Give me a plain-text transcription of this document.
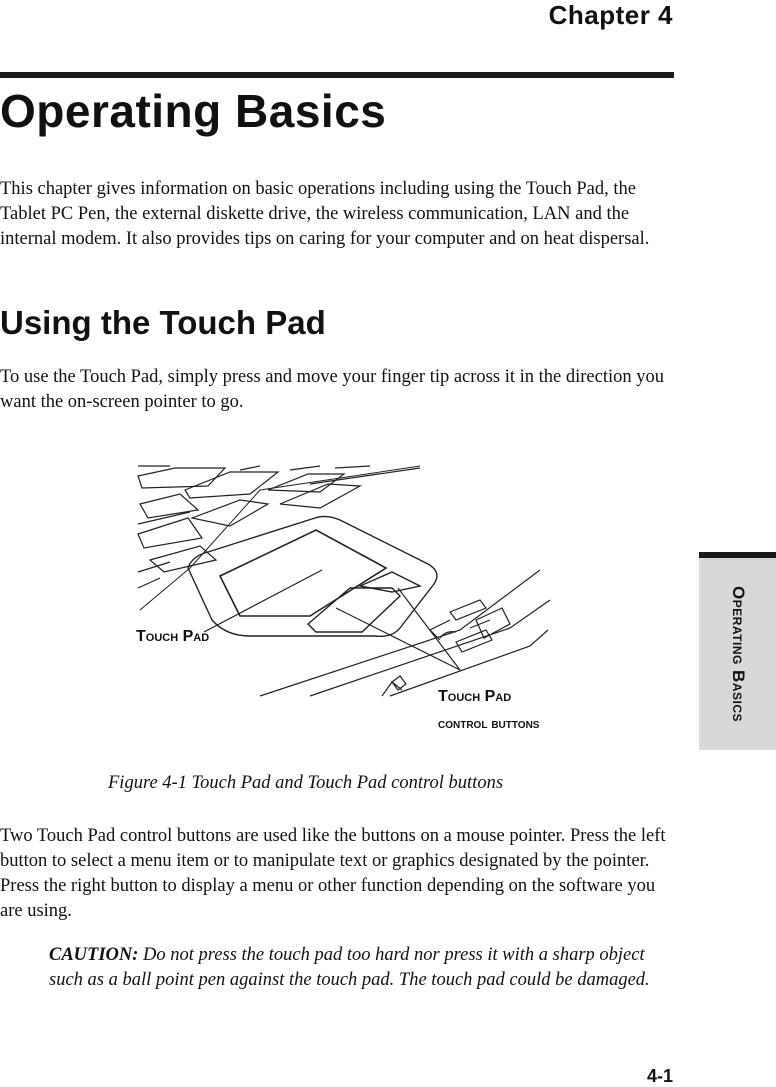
Chapter 4
Operating Basics

This chapter gives information on basic operations including using the Touch Pad, the Tablet PC Pen, the external diskette drive, the wireless communication, LAN and the internal modem. It also provides tips on caring for your computer and on heat dispersal.

Using the Touch Pad

To use the Touch Pad, simply press and move your finger tip across it in the direction you want the on-screen pointer to go.

Touch Pad
Touch Pad
control buttons

Figure 4-1 Touch Pad and Touch Pad control buttons

Two Touch Pad control buttons are used like the buttons on a mouse pointer. Press the left button to select a menu item or to manipulate text or graphics designated by the pointer. Press the right button to display a menu or other function depending on the software you are using.

CAUTION: Do not press the touch pad too hard nor press it with a sharp object such as a ball point pen against the touch pad. The touch pad could be damaged.

Operating Basics
4-1
